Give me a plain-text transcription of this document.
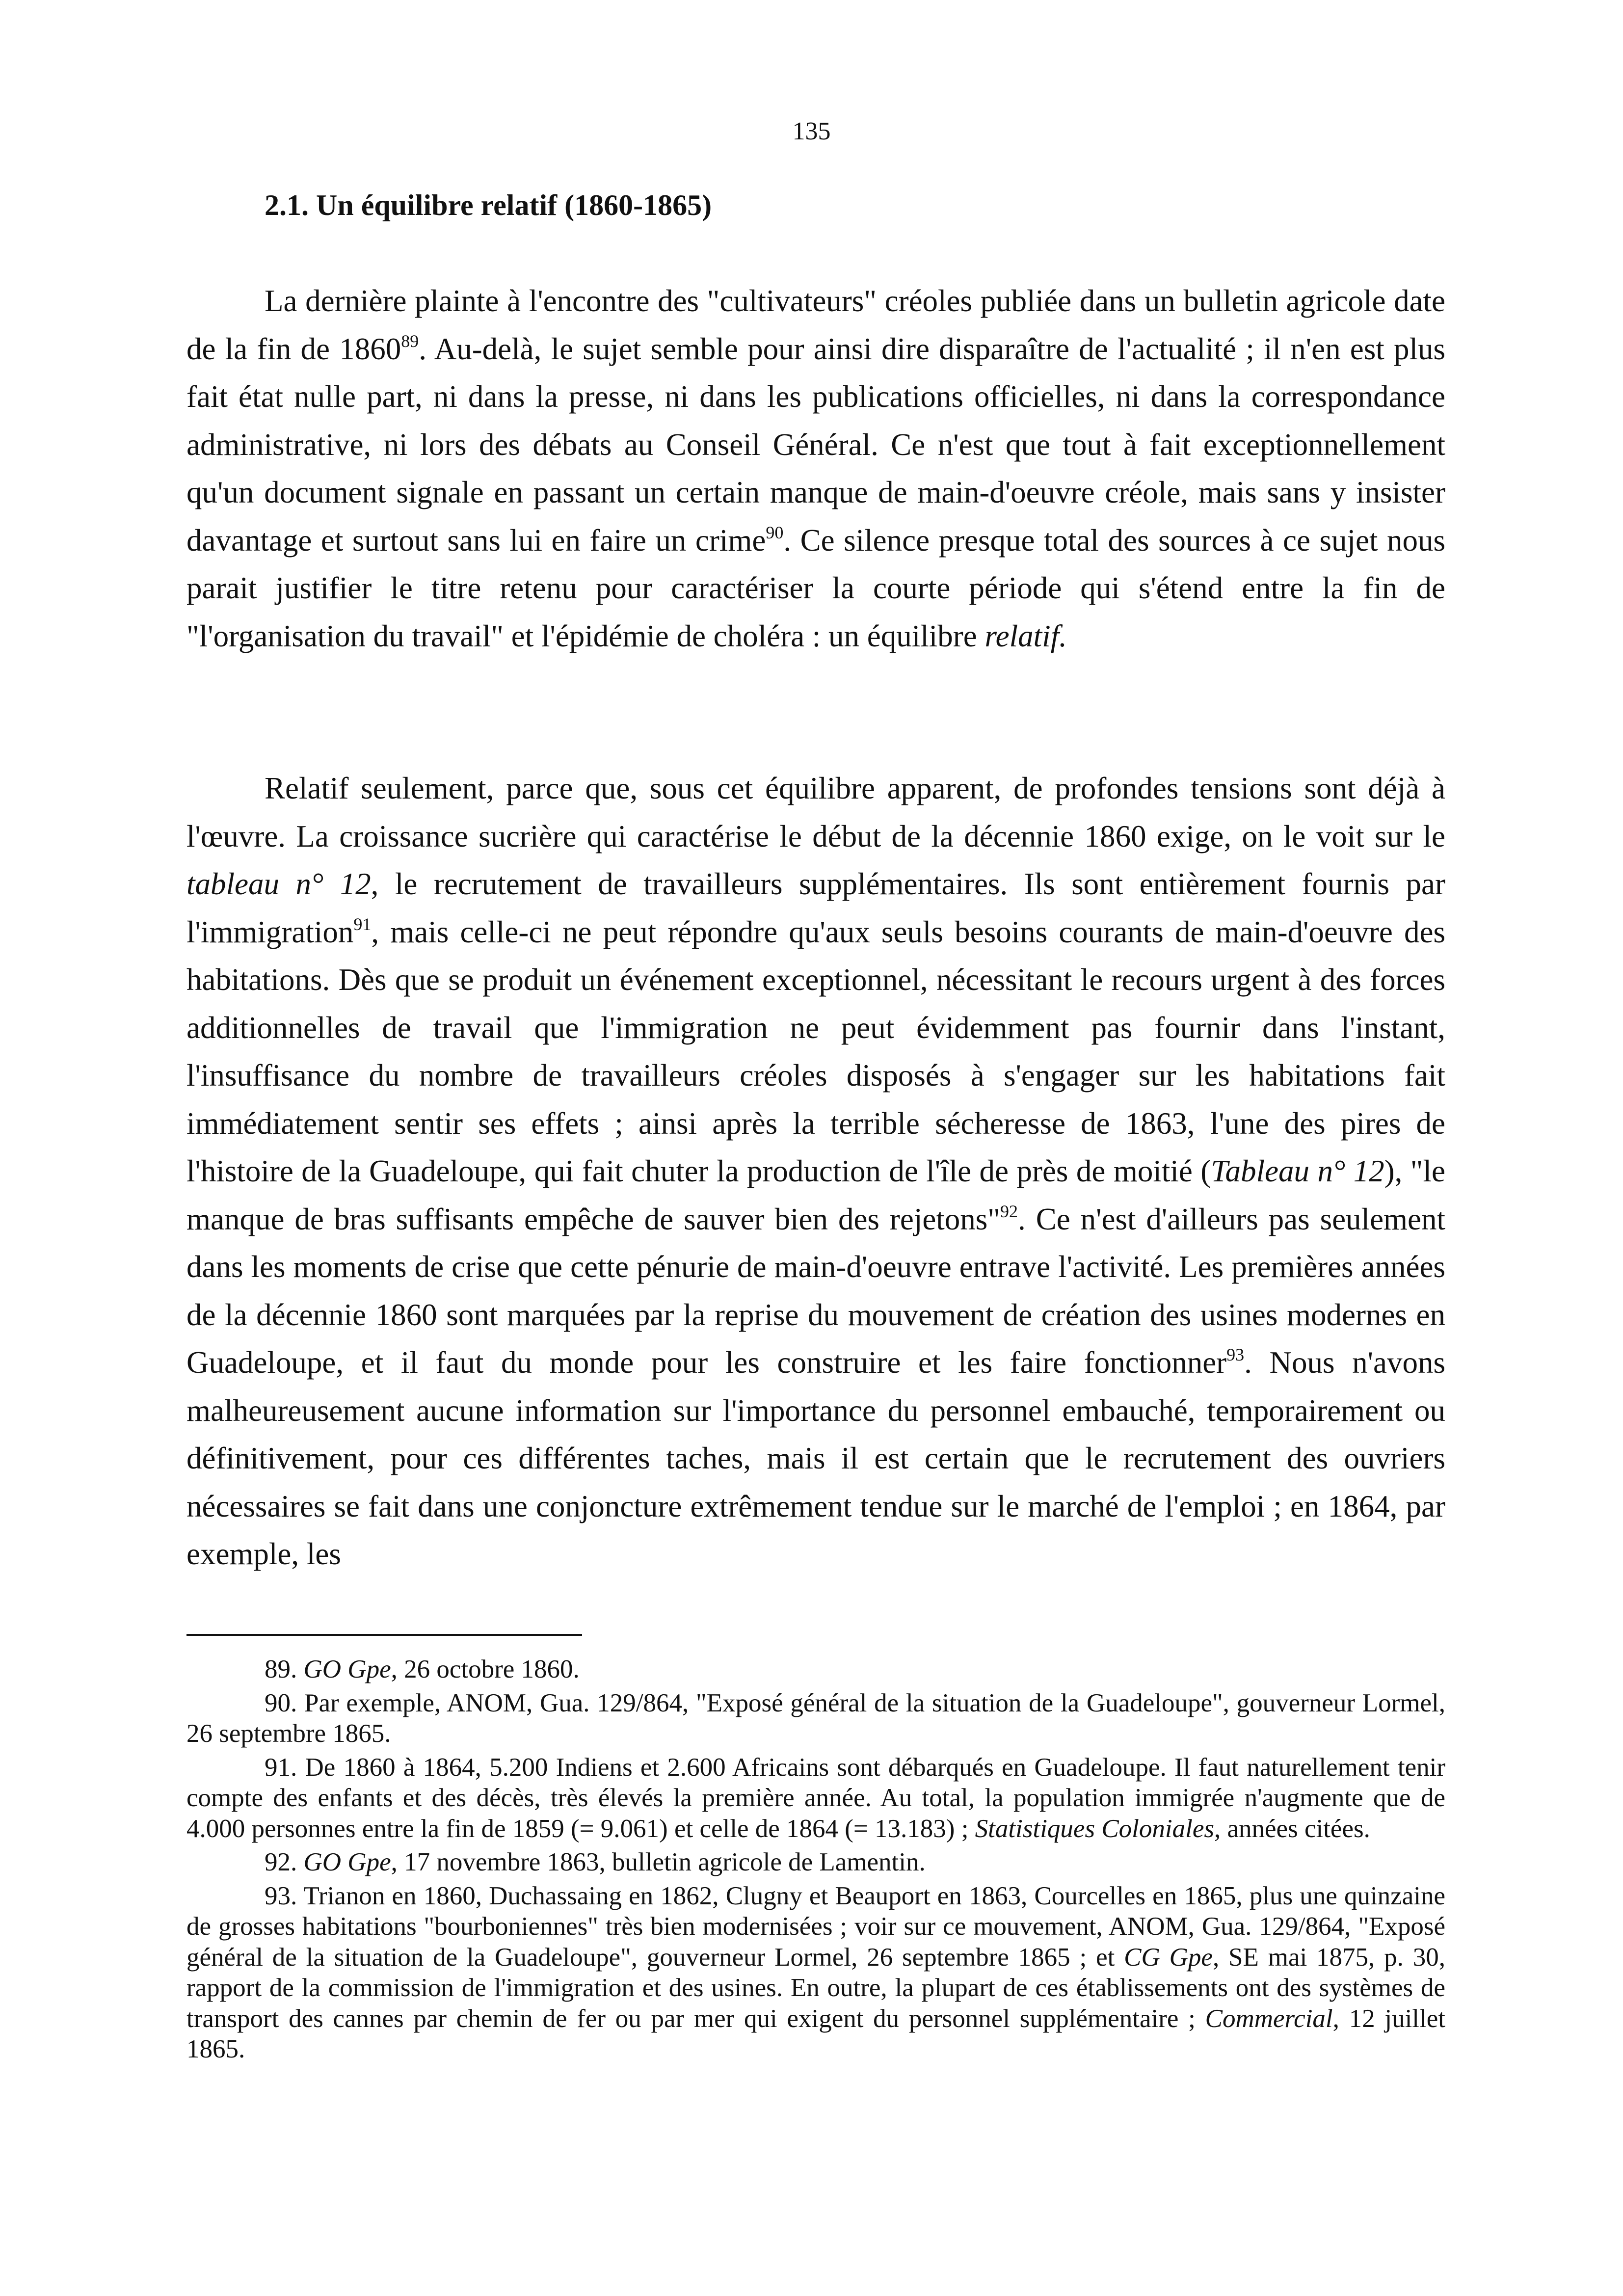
135
2.1. Un équilibre relatif (1860-1865)

La dernière plainte à l'encontre des "cultivateurs" créoles publiée dans un bulletin agricole date de la fin de 1860$^{89}$. Au-delà, le sujet semble pour ainsi dire disparaître de l'actualité ; il n'en est plus fait état nulle part, ni dans la presse, ni dans les publications officielles, ni dans la correspondance administrative, ni lors des débats au Conseil Général. Ce n'est que tout à fait exceptionnellement qu'un document signale en passant un certain manque de main-d'oeuvre créole, mais sans y insister davantage et surtout sans lui en faire un crime$^{90}$. Ce silence presque total des sources à ce sujet nous parait justifier le titre retenu pour caractériser la courte période qui s'étend entre la fin de "l'organisation du travail" et l'épidémie de choléra : un équilibre relatif.

Relatif seulement, parce que, sous cet équilibre apparent, de profondes tensions sont déjà à l'œuvre. La croissance sucrière qui caractérise le début de la décennie 1860 exige, on le voit sur le tableau n° 12, le recrutement de travailleurs supplémentaires. Ils sont entièrement fournis par l'immigration$^{91}$, mais celle-ci ne peut répondre qu'aux seuls besoins courants de main-d'oeuvre des habitations. Dès que se produit un événement exceptionnel, nécessitant le recours urgent à des forces additionnelles de travail que l'immigration ne peut évidemment pas fournir dans l'instant, l'insuffisance du nombre de travailleurs créoles disposés à s'engager sur les habitations fait immédiatement sentir ses effets ; ainsi après la terrible sécheresse de 1863, l'une des pires de l'histoire de la Guadeloupe, qui fait chuter la production de l'île de près de moitié (Tableau n° 12), "le manque de bras suffisants empêche de sauver bien des rejetons"$^{92}$. Ce n'est d'ailleurs pas seulement dans les moments de crise que cette pénurie de main-d'oeuvre entrave l'activité. Les premières années de la décennie 1860 sont marquées par la reprise du mouvement de création des usines modernes en Guadeloupe, et il faut du monde pour les construire et les faire fonctionner$^{93}$. Nous n'avons malheureusement aucune information sur l'importance du personnel embauché, temporairement ou définitivement, pour ces différentes taches, mais il est certain que le recrutement des ouvriers nécessaires se fait dans une conjoncture extrêmement tendue sur le marché de l'emploi ; en 1864, par exemple, les

89. GO Gpe, 26 octobre 1860.

90. Par exemple, ANOM, Gua. 129/864, "Exposé général de la situation de la Guadeloupe", gouverneur Lormel, 26 septembre 1865.

91. De 1860 à 1864, 5.200 Indiens et 2.600 Africains sont débarqués en Guadeloupe. Il faut naturellement tenir compte des enfants et des décès, très élevés la première année. Au total, la population immigrée n'augmente que de 4.000 personnes entre la fin de 1859 (= 9.061) et celle de 1864 (= 13.183) ; Statistiques Coloniales, années citées.

92. GO Gpe, 17 novembre 1863, bulletin agricole de Lamentin.

93. Trianon en 1860, Duchassaing en 1862, Clugny et Beauport en 1863, Courcelles en 1865, plus une quinzaine de grosses habitations "bourboniennes" très bien modernisées ; voir sur ce mouvement, ANOM, Gua. 129/864, "Exposé général de la situation de la Guadeloupe", gouverneur Lormel, 26 septembre 1865 ; et CG Gpe, SE mai 1875, p. 30, rapport de la commission de l'immigration et des usines. En outre, la plupart de ces établissements ont des systèmes de transport des cannes par chemin de fer ou par mer qui exigent du personnel supplémentaire ; Commercial, 12 juillet 1865.
